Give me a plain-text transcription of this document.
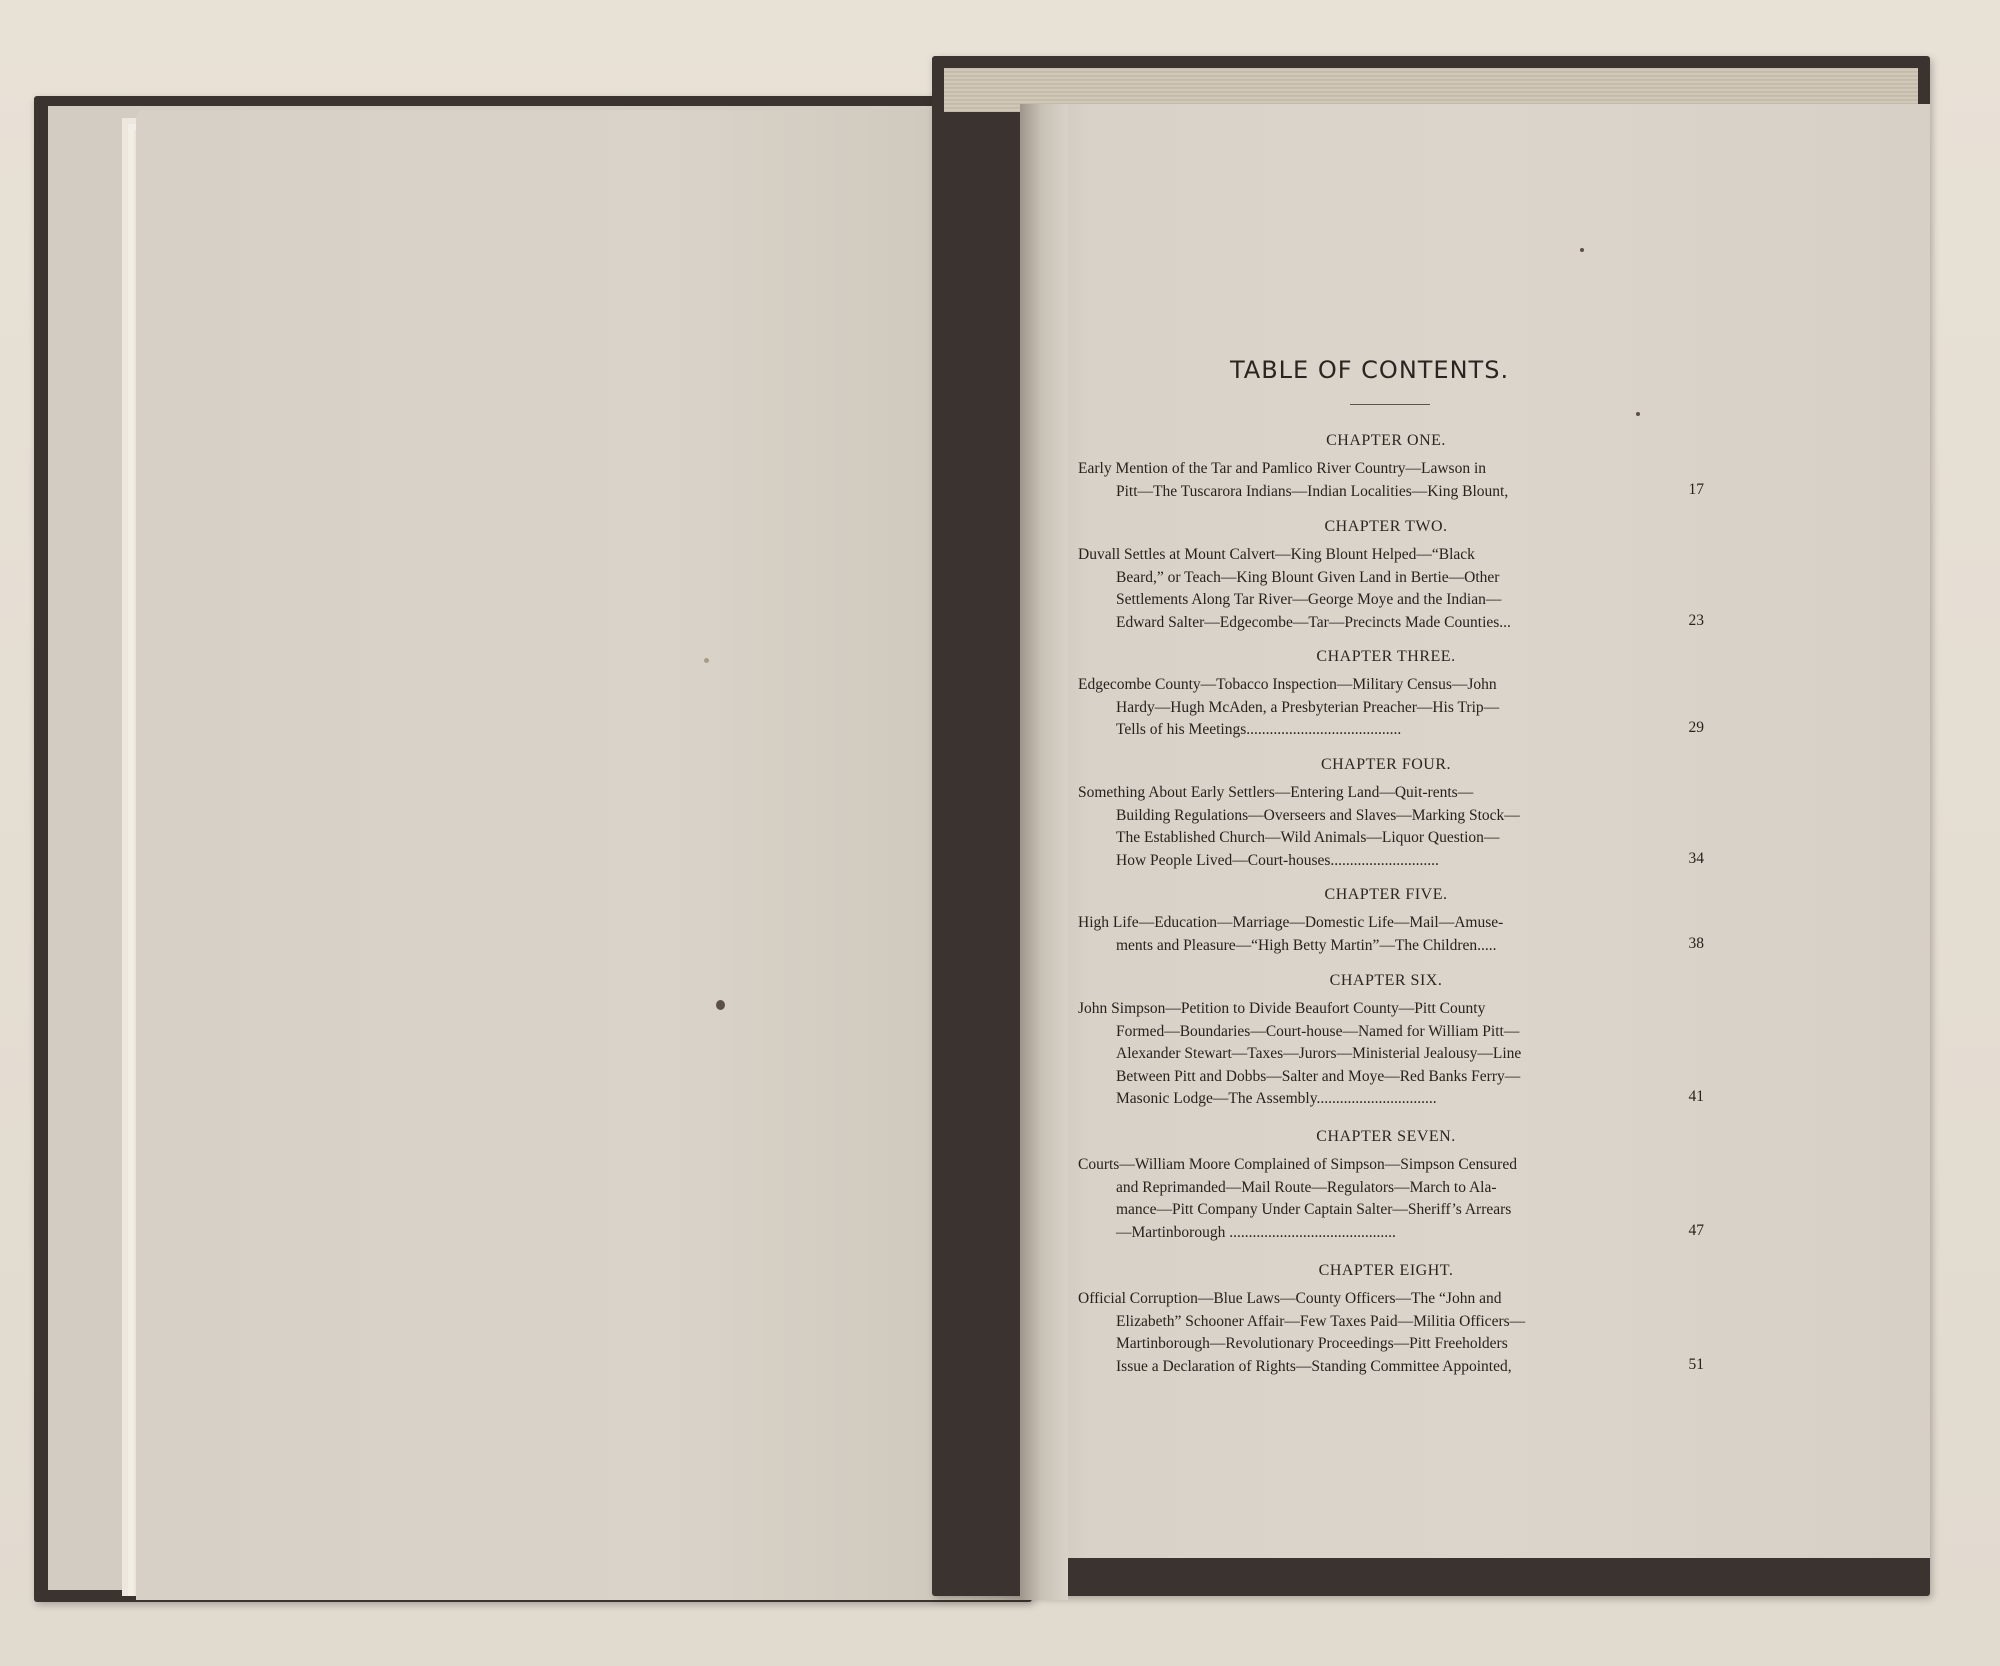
TABLE OF CONTENTS.
CHAPTER ONE.
Early Mention of the Tar and Pamlico River Country—Lawson in
Pitt—The Tuscarora Indians—Indian Localities—King Blount,	17
CHAPTER TWO.
Duvall Settles at Mount Calvert—King Blount Helped—“Black
Beard,” or Teach—King Blount Given Land in Bertie—Other
Settlements Along Tar River—George Moye and the Indian—
Edward Salter—Edgecombe—Tar—Precincts Made Counties...	23
CHAPTER THREE.
Edgecombe County—Tobacco Inspection—Military Census—John
Hardy—Hugh McAden, a Presbyterian Preacher—His Trip—
Tells of his Meetings........................................	29
CHAPTER FOUR.
Something About Early Settlers—Entering Land—Quit-rents—
Building Regulations—Overseers and Slaves—Marking Stock—
The Established Church—Wild Animals—Liquor Question—
How People Lived—Court-houses............................	34
CHAPTER FIVE.
High Life—Education—Marriage—Domestic Life—Mail—Amuse-
ments and Pleasure—“High Betty Martin”—The Children.....	38
CHAPTER SIX.
John Simpson—Petition to Divide Beaufort County—Pitt County
Formed—Boundaries—Court-house—Named for William Pitt—
Alexander Stewart—Taxes—Jurors—Ministerial Jealousy—Line
Between Pitt and Dobbs—Salter and Moye—Red Banks Ferry—
Masonic Lodge—The Assembly...............................	41
CHAPTER SEVEN.
Courts—William Moore Complained of Simpson—Simpson Censured
and Reprimanded—Mail Route—Regulators—March to Ala-
mance—Pitt Company Under Captain Salter—Sheriff’s Arrears
—Martinborough ...........................................	47
CHAPTER EIGHT.
Official Corruption—Blue Laws—County Officers—The “John and
Elizabeth” Schooner Affair—Few Taxes Paid—Militia Officers—
Martinborough—Revolutionary Proceedings—Pitt Freeholders
Issue a Declaration of Rights—Standing Committee Appointed,	51
